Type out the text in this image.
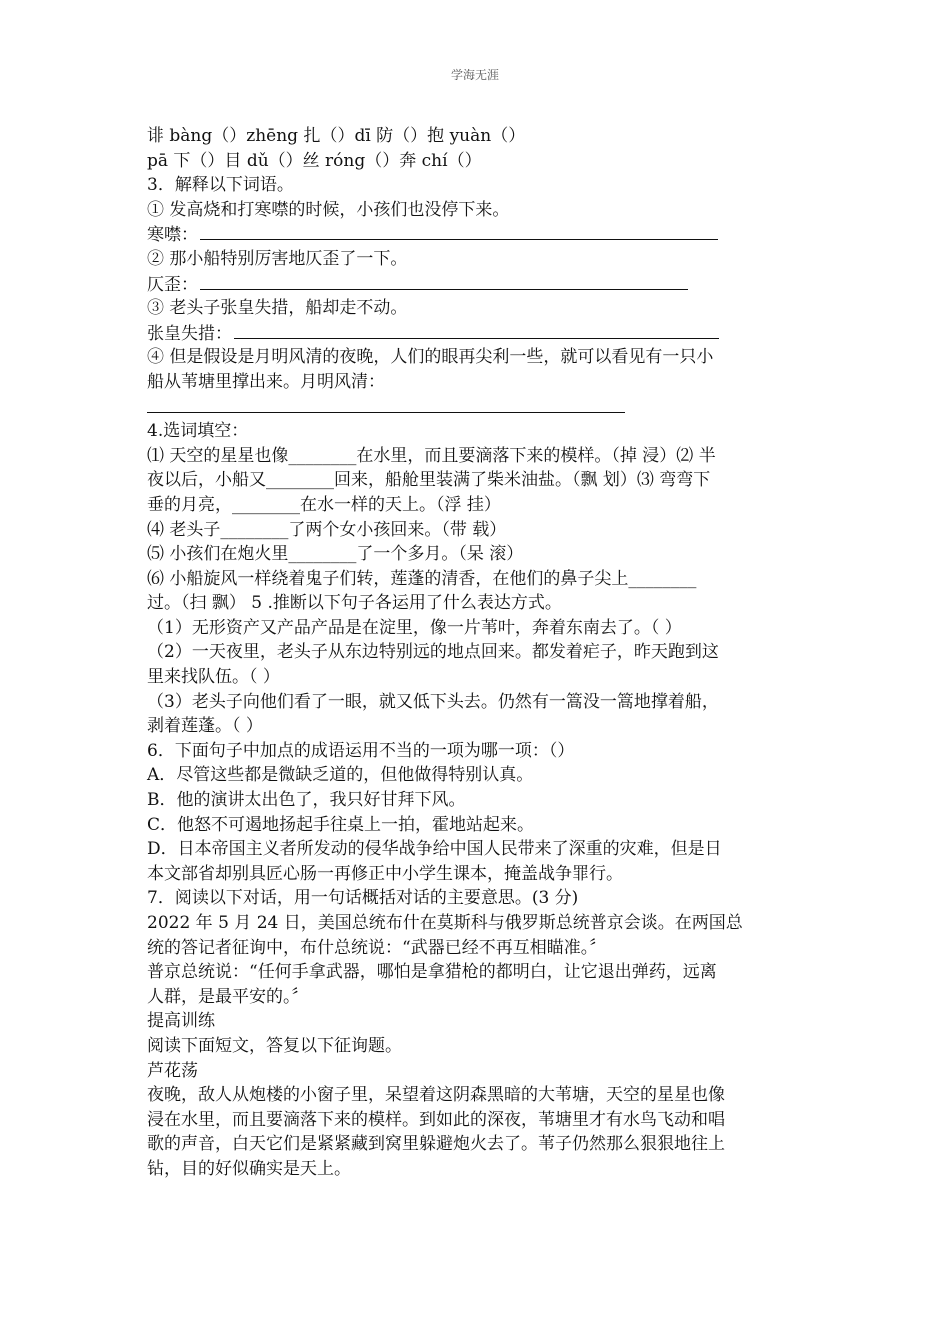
学海无涯
诽 bàng（）zhēng 扎（）dī 防（）抱 yuàn（）
pā 下（）目 dǔ（）丝 róng（）奔 chí（）
3．解释以下词语。
① 发高烧和打寒噤的时候，小孩们也没停下来。
寒噤：
② 那小船特别厉害地仄歪了一下。
仄歪：
③ 老头子张皇失措，船却走不动。
张皇失措：
④ 但是假设是月明风清的夜晚，人们的眼再尖利一些，就可以看见有一只小
船从苇塘里撑出来。月明风清：
4.选词填空：
⑴ 天空的星星也像________在水里，而且要滴落下来的模样。（掉 浸）⑵ 半
夜以后，小船又________回来，船舱里装满了柴米油盐。（飘 划）⑶ 弯弯下
垂的月亮，________在水一样的天上。（浮 挂）
⑷ 老头子________了两个女小孩回来。（带 载）
⑸ 小孩们在炮火里________了一个多月。（呆 滚）
⑹ 小船旋风一样绕着鬼子们转，莲蓬的清香，在他们的鼻子尖上________
过。（扫 飘） 5 .推断以下句子各运用了什么表达方式。
（1）无形资产又产品产品是在淀里，像一片苇叶，奔着东南去了。（ ）
（2）一天夜里，老头子从东边特别远的地点回来。都发着疟子，昨天跑到这
里来找队伍。（ ）
（3）老头子向他们看了一眼，就又低下头去。仍然有一篙没一篙地撑着船，
剥着莲蓬。（ ）
6．下面句子中加点的成语运用不当的一项为哪一项：（）
A．尽管这些都是微缺乏道的，但他做得特别认真。
B．他的演讲太出色了，我只好甘拜下风。
C．他怒不可遏地扬起手往桌上一拍，霍地站起来。
D．日本帝国主义者所发动的侵华战争给中国人民带来了深重的灾难，但是日
本文部省却别具匠心肠一再修正中小学生课本，掩盖战争罪行。
7．阅读以下对话，用一句话概括对话的主要意思。(3 分)
2022 年 5 月 24 日，美国总统布什在莫斯科与俄罗斯总统普京会谈。在两国总
统的答记者征询中，布什总统说：“武器已经不再互相瞄准。〞
普京总统说：“任何手拿武器，哪怕是拿猎枪的都明白，让它退出弹药，远离
人群，是最平安的。〞
提高训练
阅读下面短文，答复以下征询题。
芦花荡
夜晚，敌人从炮楼的小窗子里，呆望着这阴森黑暗的大苇塘，天空的星星也像
浸在水里，而且要滴落下来的模样。到如此的深夜，苇塘里才有水鸟飞动和唱
歌的声音，白天它们是紧紧藏到窝里躲避炮火去了。苇子仍然那么狠狠地往上
钻，目的好似确实是天上。
